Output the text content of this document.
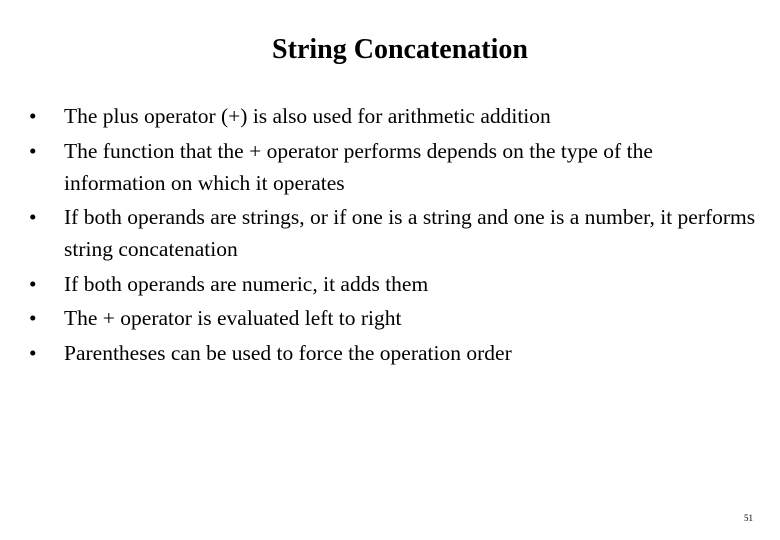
String Concatenation
•	The plus operator (+) is also used for arithmetic addition
•	The function that the + operator performs depends on the type of the information on which it operates
•	If both operands are strings, or if one is a string and one is a number, it performs string concatenation
•	If both operands are numeric, it adds them
•	The + operator is evaluated left to right
•	Parentheses can be used to force the operation order
51
